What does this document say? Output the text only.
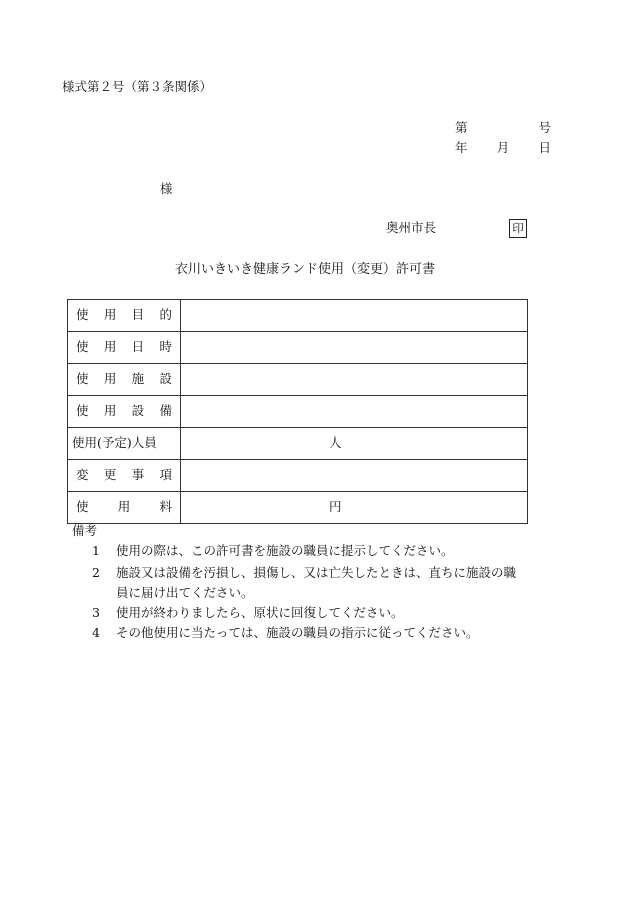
様式第２号（第３条関係）
第	号
年 月 日
様
奥州市長	印
衣川いきいき健康ランド使用（変更）許可書
使 用 目 的	

使 用 日 時	

使 用 施 設	

使 用 設 備	

使用(予定)人員	人

変 更 事 項	

使 用 料	円
備考
1 使用の際は、この許可書を施設の職員に提示してください。
2 施設又は設備を汚損し、損傷し、又は亡失したときは、直ちに施設の職
員に届け出てください。
3 使用が終わりましたら、原状に回復してください。
4 その他使用に当たっては、施設の職員の指示に従ってください。
